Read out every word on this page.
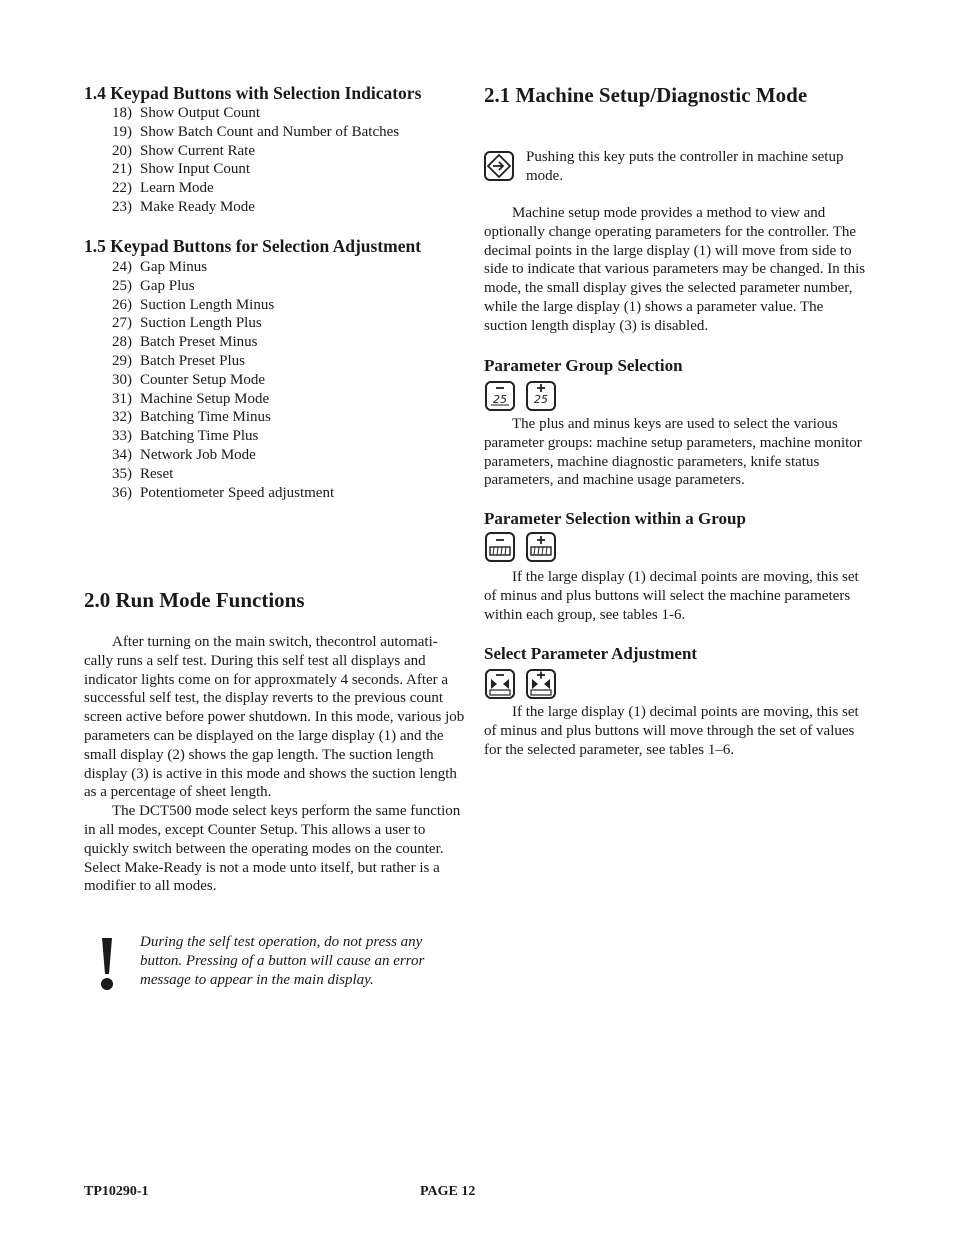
1.4 Keypad Buttons with Selection Indicators
18) Show Output Count
19) Show Batch Count and Number of Batches
20) Show Current Rate
21) Show Input Count
22) Learn Mode
23) Make Ready Mode
1.5 Keypad Buttons for Selection Adjustment
24) Gap Minus
25) Gap Plus
26) Suction Length Minus
27) Suction Length Plus
28) Batch Preset Minus
29) Batch Preset Plus
30) Counter Setup Mode
31) Machine Setup Mode
32) Batching Time Minus
33) Batching Time Plus
34) Network Job Mode
35) Reset
36) Potentiometer Speed adjustment
2.0 Run Mode Functions

After turning on the main switch, thecontrol automati-cally runs a self test. During this self test all displays and indicator lights come on for approxmately 4 seconds. After a successful self test, the display reverts to the previous count screen active before power shutdown. In this mode, various job parameters can be displayed on the large display (1) and the small display (2) shows the gap length. The suction length display (3) is active in this mode and shows the suction length as a percentage of sheet length.

The DCT500 mode select keys perform the same function in all modes, except Counter Setup. This allows a user to quickly switch between the operating modes on the counter. Select Make-Ready is not a mode unto itself, but rather is a modifier to all modes.

During the self test operation, do not press any button. Pressing of a button will cause an error message to appear in the main display.
2.1 Machine Setup/Diagnostic Mode

Pushing this key puts the controller in machine setup mode.

Machine setup mode provides a method to view and optionally change operating parameters for the controller. The decimal points in the large display (1) will move from side to side to indicate that various parameters may be changed. In this mode, the small display gives the selected parameter number, while the large display (1) shows a parameter value. The suction length display (3) is disabled.

Parameter Group Selection
25 25

The plus and minus keys are used to select the various parameter groups: machine setup parameters, machine monitor parameters, machine diagnostic parameters, knife status parameters, and machine usage parameters.

Parameter Selection within a Group

If the large display (1) decimal points are moving, this set of minus and plus buttons will select the machine parameters within each group, see tables 1-6.

Select Parameter Adjustment

If the large display (1) decimal points are moving, this set of minus and plus buttons will move through the set of values for the selected parameter, see tables 1–6.

TP10290-1	PAGE 12
